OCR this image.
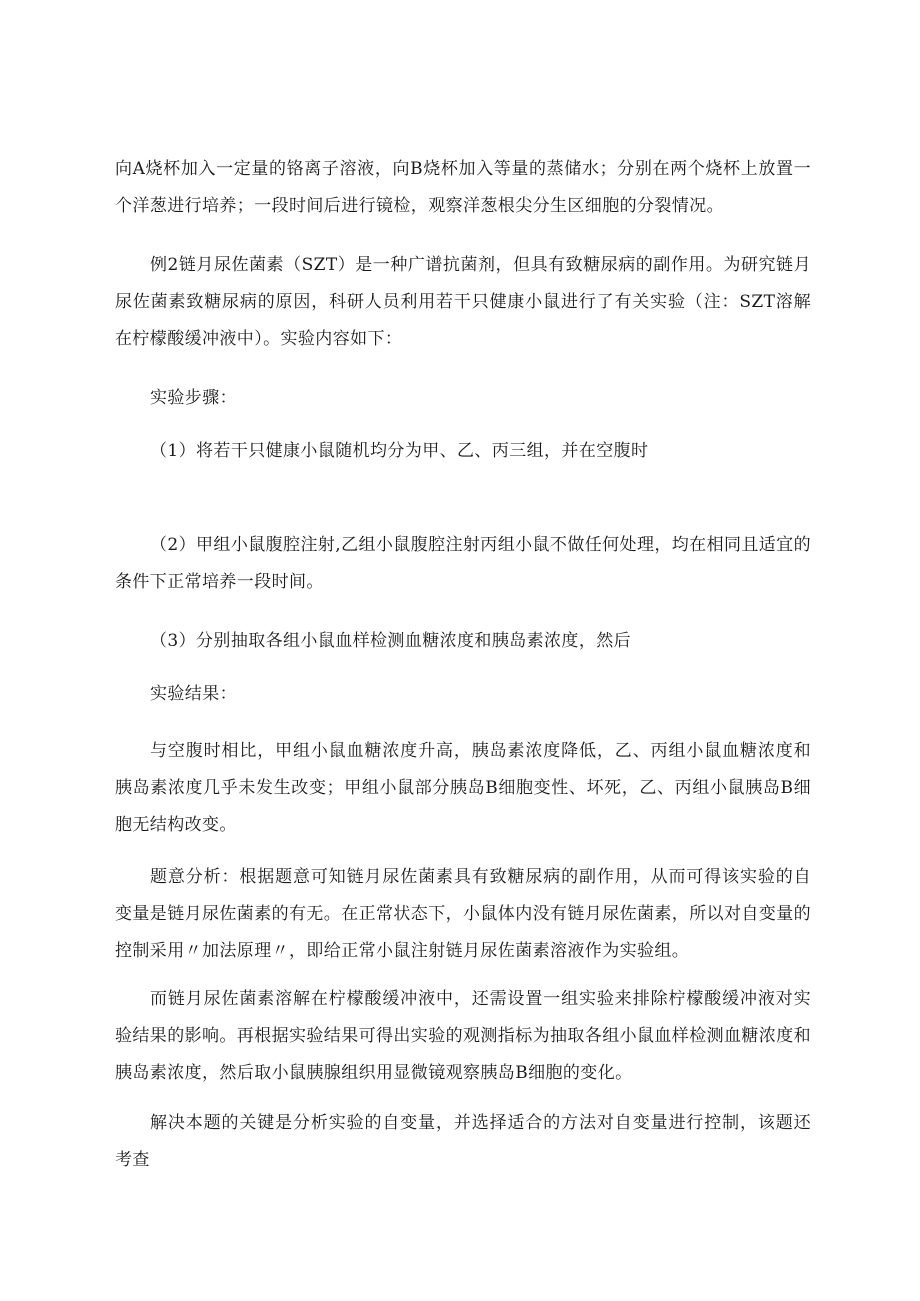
向A烧杯加入一定量的铬离子溶液，向B烧杯加入等量的蒸储水；分别在两个烧杯上放置一个洋葱进行培养；一段时间后进行镜检，观察洋葱根尖分生区细胞的分裂情况。

例2链月尿佐菌素（SZT）是一种广谱抗菌剂，但具有致糖尿病的副作用。为研究链月尿佐菌素致糖尿病的原因，科研人员利用若干只健康小鼠进行了有关实验（注：SZT溶解在柠檬酸缓冲液中）。实验内容如下：

实验步骤：

（1）将若干只健康小鼠随机均分为甲、乙、丙三组，并在空腹时

（2）甲组小鼠腹腔注射,乙组小鼠腹腔注射丙组小鼠不做任何处理，均在相同且适宜的条件下正常培养一段时间。

（3）分别抽取各组小鼠血样检测血糖浓度和胰岛素浓度，然后

实验结果：

与空腹时相比，甲组小鼠血糖浓度升高，胰岛素浓度降低，乙、丙组小鼠血糖浓度和胰岛素浓度几乎未发生改变；甲组小鼠部分胰岛B细胞变性、坏死，乙、丙组小鼠胰岛B细胞无结构改变。

题意分析：根据题意可知链月尿佐菌素具有致糖尿病的副作用，从而可得该实验的自变量是链月尿佐菌素的有无。在正常状态下，小鼠体内没有链月尿佐菌素，所以对自变量的控制采用〃加法原理〃，即给正常小鼠注射链月尿佐菌素溶液作为实验组。

而链月尿佐菌素溶解在柠檬酸缓冲液中，还需设置一组实验来排除柠檬酸缓冲液对实验结果的影响。再根据实验结果可得出实验的观测指标为抽取各组小鼠血样检测血糖浓度和胰岛素浓度，然后取小鼠胰腺组织用显微镜观察胰岛B细胞的变化。

解决本题的关键是分析实验的自变量，并选择适合的方法对自变量进行控制，该题还考查
